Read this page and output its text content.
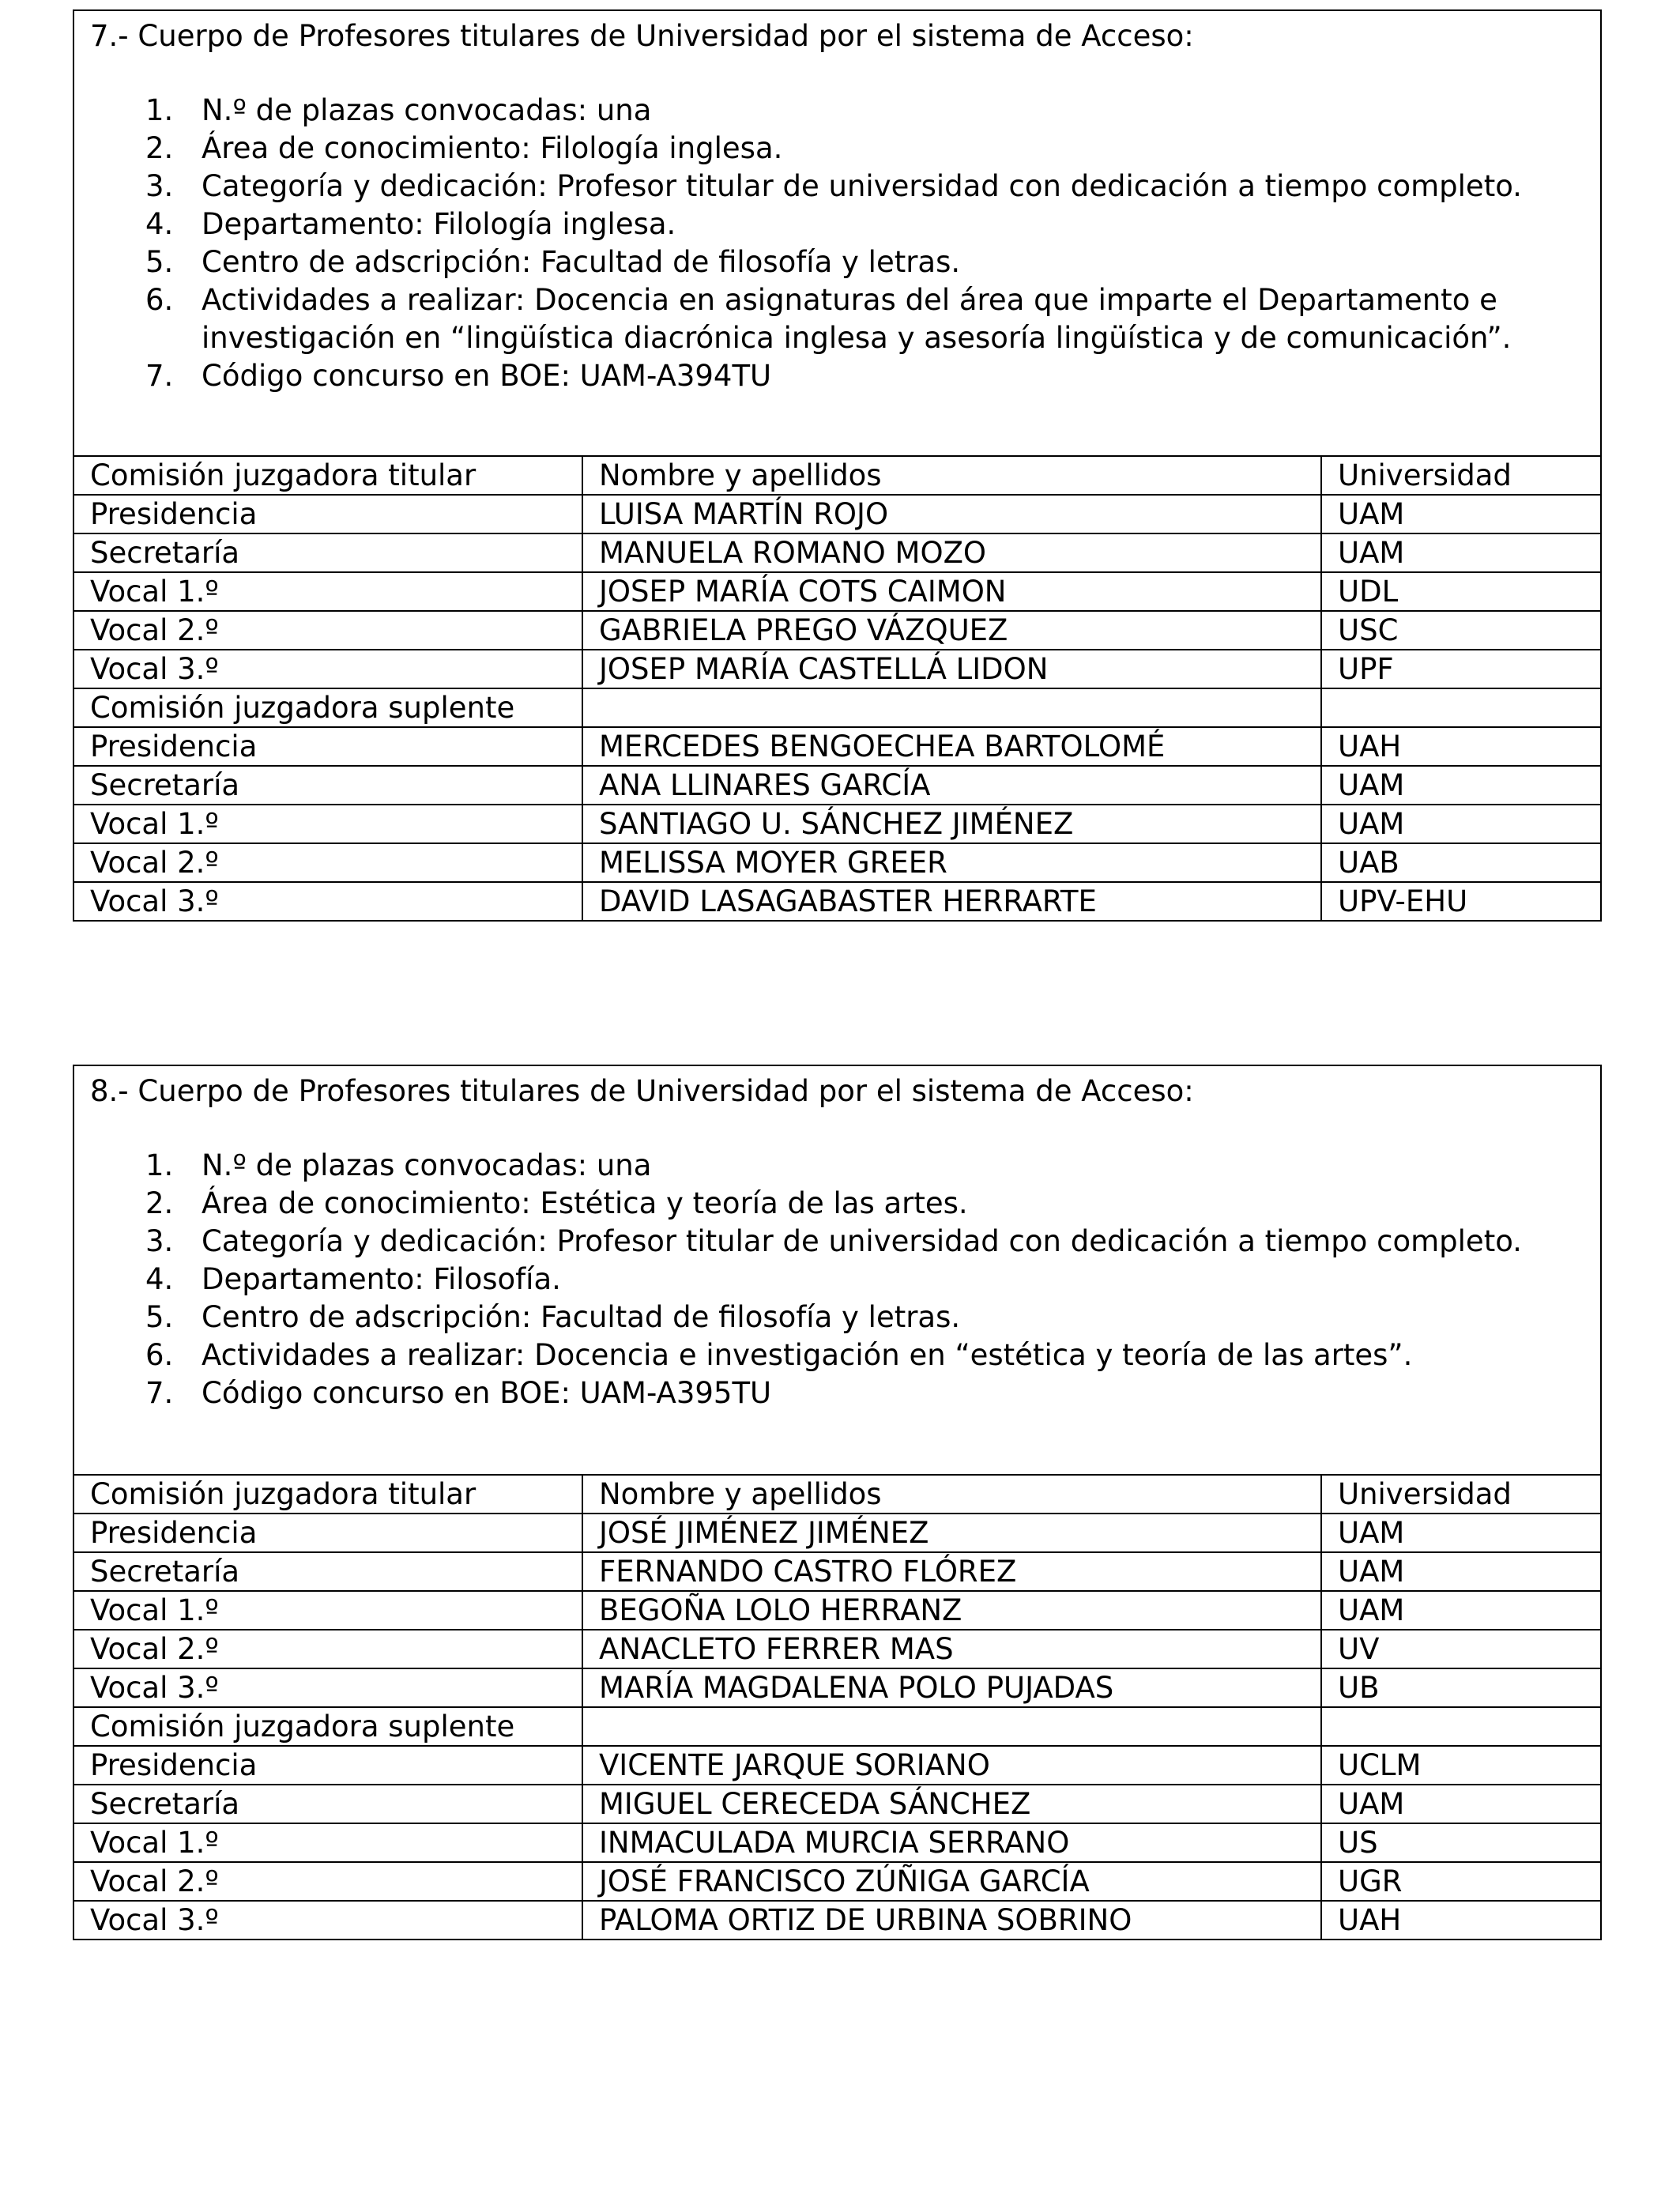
7.- Cuerpo de Profesores titulares de Universidad por el sistema de Acceso:

1. N.º de plazas convocadas: una
2. Área de conocimiento: Filología inglesa.
3. Categoría y dedicación: Profesor titular de universidad con dedicación a tiempo completo.
4. Departamento: Filología inglesa.
5. Centro de adscripción: Facultad de filosofía y letras.
6. Actividades a realizar: Docencia en asignaturas del área que imparte el Departamento e investigación en “lingüística diacrónica inglesa y asesoría lingüística y de comunicación”.
7. Código concurso en BOE: UAM-A394TU
Comisión juzgadora titular	Nombre y apellidos	Universidad
Presidencia	LUISA MARTÍN ROJO	UAM
Secretaría	MANUELA ROMANO MOZO	UAM
Vocal 1.º	JOSEP MARÍA COTS CAIMON	UDL
Vocal 2.º	GABRIELA PREGO VÁZQUEZ	USC
Vocal 3.º	JOSEP MARÍA CASTELLÁ LIDON	UPF
Comisión juzgadora suplente		
Presidencia	MERCEDES BENGOECHEA BARTOLOMÉ	UAH
Secretaría	ANA LLINARES GARCÍA	UAM
Vocal 1.º	SANTIAGO U. SÁNCHEZ JIMÉNEZ	UAM
Vocal 2.º	MELISSA MOYER GREER	UAB
Vocal 3.º	DAVID LASAGABASTER HERRARTE	UPV-EHU

8.- Cuerpo de Profesores titulares de Universidad por el sistema de Acceso:

1. N.º de plazas convocadas: una
2. Área de conocimiento: Estética y teoría de las artes.
3. Categoría y dedicación: Profesor titular de universidad con dedicación a tiempo completo.
4. Departamento: Filosofía.
5. Centro de adscripción: Facultad de filosofía y letras.
6. Actividades a realizar: Docencia e investigación en “estética y teoría de las artes”.
7. Código concurso en BOE: UAM-A395TU
Comisión juzgadora titular	Nombre y apellidos	Universidad
Presidencia	JOSÉ JIMÉNEZ JIMÉNEZ	UAM
Secretaría	FERNANDO CASTRO FLÓREZ	UAM
Vocal 1.º	BEGOÑA LOLO HERRANZ	UAM
Vocal 2.º	ANACLETO FERRER MAS	UV
Vocal 3.º	MARÍA MAGDALENA POLO PUJADAS	UB
Comisión juzgadora suplente		
Presidencia	VICENTE JARQUE SORIANO	UCLM
Secretaría	MIGUEL CERECEDA SÁNCHEZ	UAM
Vocal 1.º	INMACULADA MURCIA SERRANO	US
Vocal 2.º	JOSÉ FRANCISCO ZÚÑIGA GARCÍA	UGR
Vocal 3.º	PALOMA ORTIZ DE URBINA SOBRINO	UAH
